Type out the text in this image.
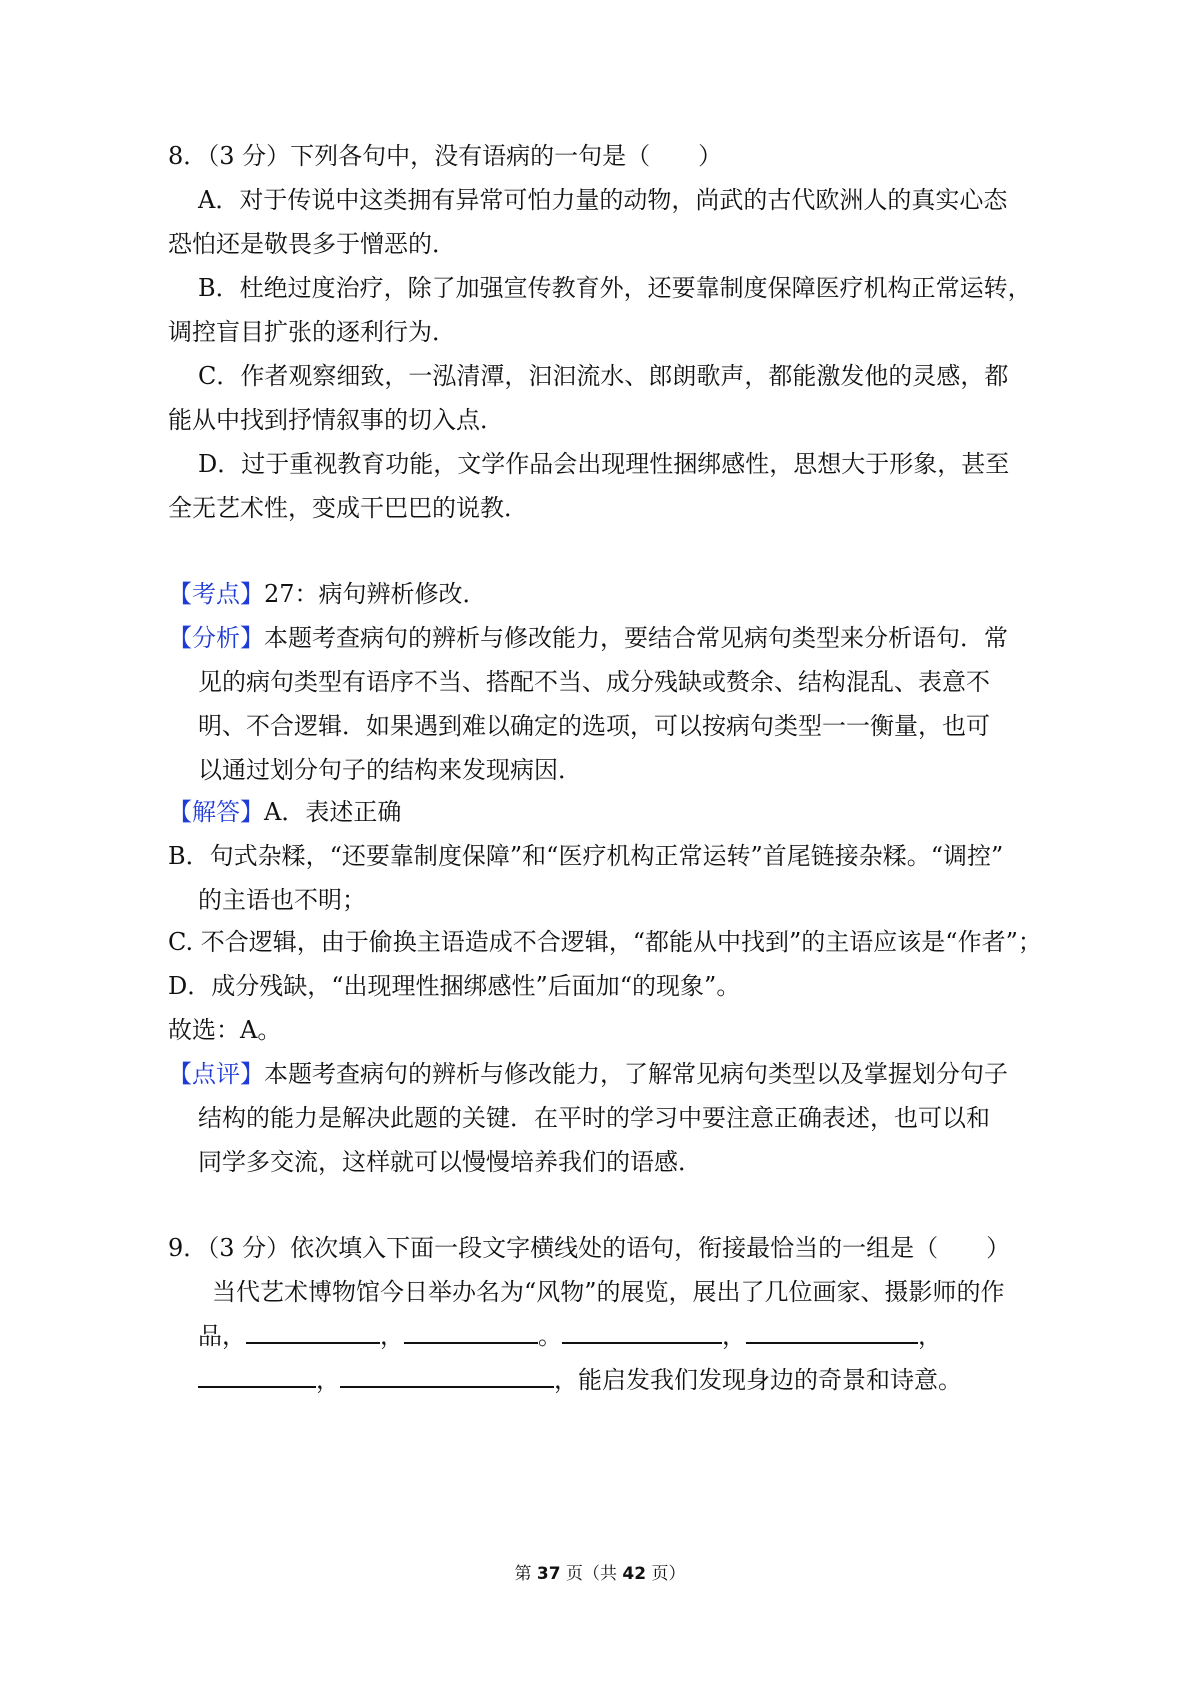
8．（3 分）下列各句中，没有语病的一句是（　　）
A．对于传说中这类拥有异常可怕力量的动物，尚武的古代欧洲人的真实心态
恐怕还是敬畏多于憎恶的．
B．杜绝过度治疗，除了加强宣传教育外，还要靠制度保障医疗机构正常运转，
调控盲目扩张的逐利行为．
C．作者观察细致，一泓清潭，汩汩流水、郎朗歌声，都能激发他的灵感，都
能从中找到抒情叙事的切入点．
D．过于重视教育功能，文学作品会出现理性捆绑感性，思想大于形象，甚至
全无艺术性，变成干巴巴的说教．
【考点】27：病句辨析修改．
【分析】本题考查病句的辨析与修改能力，要结合常见病句类型来分析语句．常
见的病句类型有语序不当、搭配不当、成分残缺或赘余、结构混乱、表意不
明、不合逻辑．如果遇到难以确定的选项，可以按病句类型一一衡量，也可
以通过划分句子的结构来发现病因．
【解答】A．表述正确
B．句式杂糅，“还要靠制度保障”和“医疗机构正常运转”首尾链接杂糅。“调控”
的主语也不明；
C. 不合逻辑，由于偷换主语造成不合逻辑，“都能从中找到”的主语应该是“作者”；
D．成分残缺，“出现理性捆绑感性”后面加“的现象”。
故选：A。
【点评】本题考查病句的辨析与修改能力，了解常见病句类型以及掌握划分句子
结构的能力是解决此题的关键．在平时的学习中要注意正确表述，也可以和
同学多交流，这样就可以慢慢培养我们的语感．
9．（3 分）依次填入下面一段文字横线处的语句，衔接最恰当的一组是（　　）
当代艺术博物馆今日举办名为“风物”的展览，展出了几位画家、摄影师的作
品，	，	。	，	，
，	，能启发我们发现身边的奇景和诗意。
第 37 页（共 42 页）
